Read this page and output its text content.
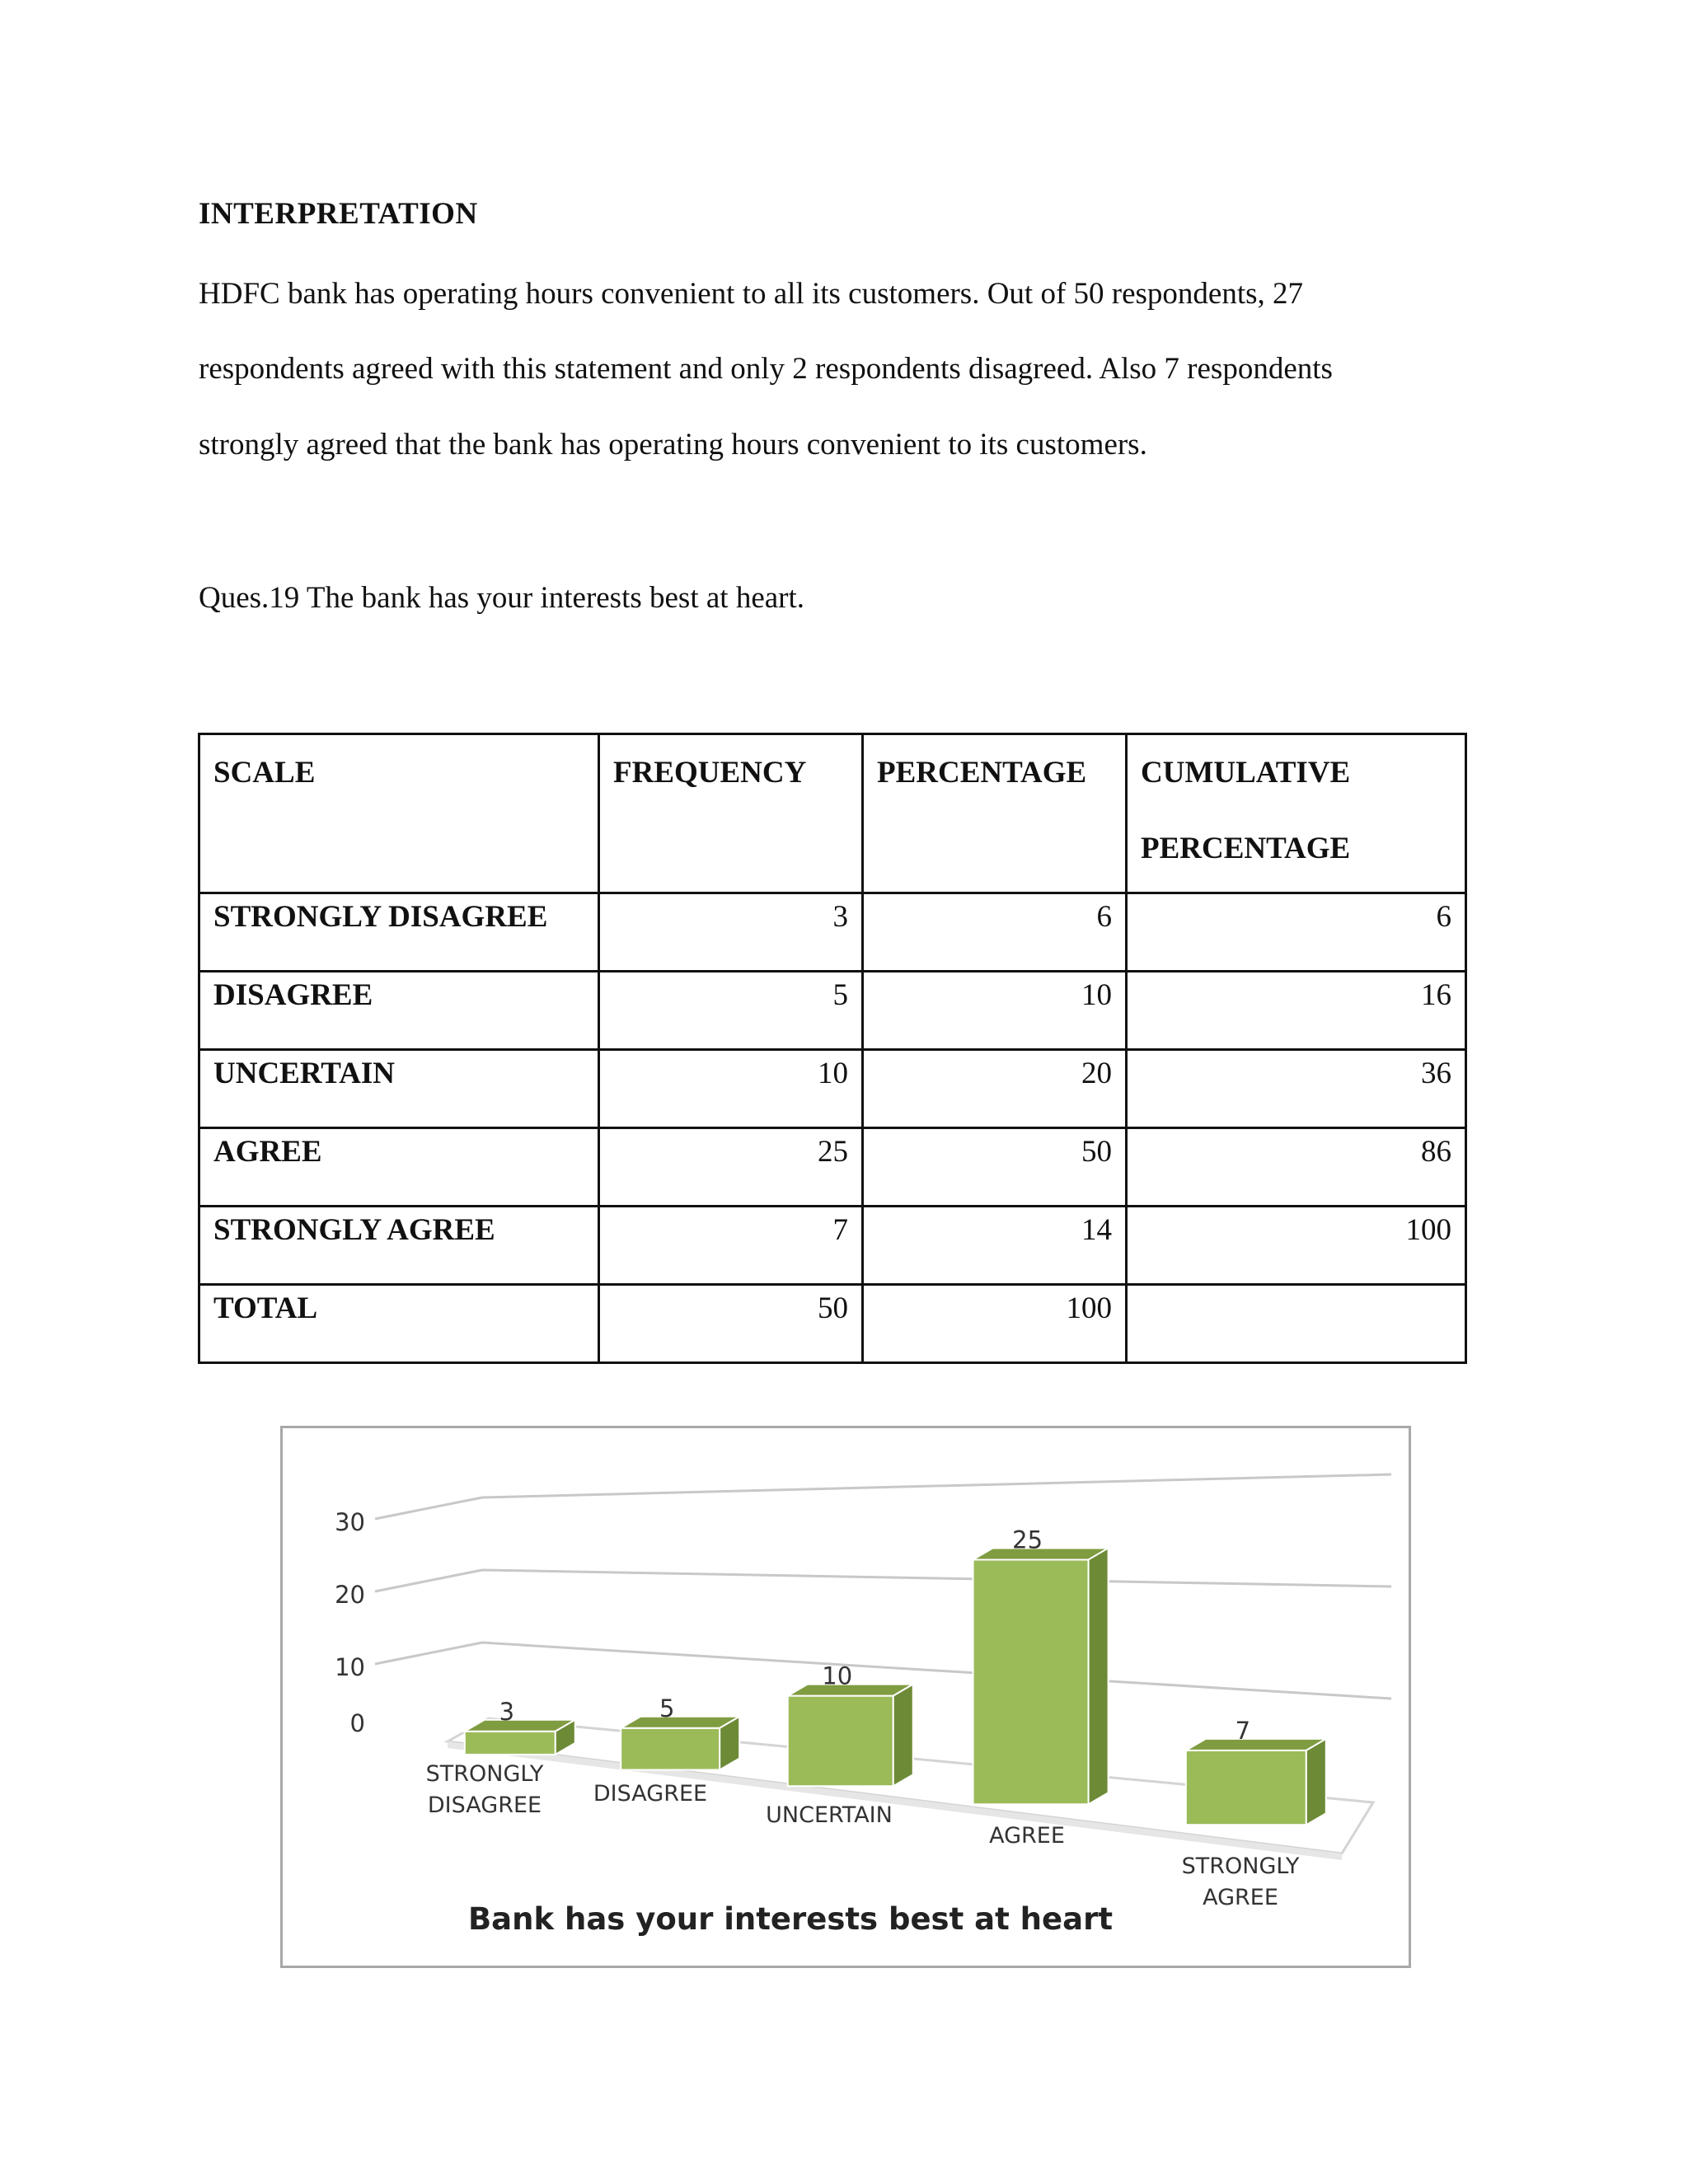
INTERPRETATION
HDFC bank has operating hours convenient to all its customers. Out of 50 respondents, 27
respondents agreed with this statement and only 2 respondents disagreed. Also 7 respondents
strongly agreed that the bank has operating hours convenient to its customers.
Ques.19 The bank has your interests best at heart.
SCALE	FREQUENCY	PERCENTAGE	CUMULATIVE PERCENTAGE
STRONGLY DISAGREE	3	6	6
DISAGREE	5	10	16
UNCERTAIN	10	20	36
AGREE	25	50	86
STRONGLY AGREE	7	14	100
TOTAL	50	100	
0
10
20
30
3	5
10
25
7
STRONGLY DISAGREE DISAGREE
UNCERTAIN
AGREE
STRONGLY AGREE
Bank has your interests best at heart
